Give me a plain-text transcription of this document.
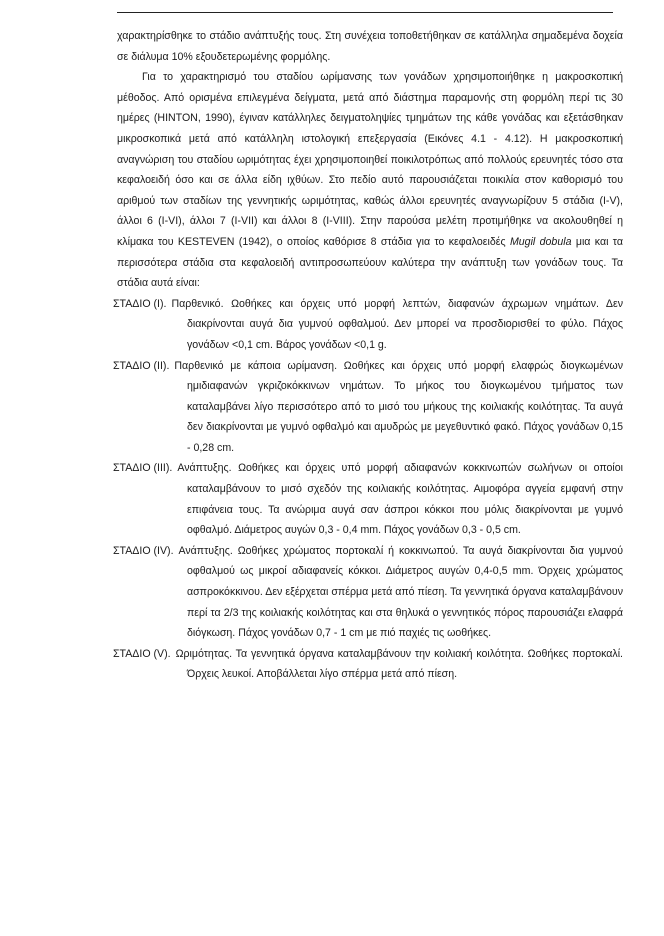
χαρακτηρίσθηκε το στάδιο ανάπτυξής τους. Στη συνέχεια τοποθετήθηκαν σε κατάλληλα σημαδεμένα δοχεία σε διάλυμα 10% εξουδετερωμένης φορμόλης.

Για το χαρακτηρισμό του σταδίου ωρίμανσης των γονάδων χρησιμοποιήθηκε η μακροσκοπική μέθοδος. Από ορισμένα επιλεγμένα δείγματα, μετά από διάστημα παραμονής στη φορμόλη περί τις 30 ημέρες (HINTON, 1990), έγιναν κατάλληλες δειγματοληψίες τμημάτων της κάθε γονάδας και εξετάσθηκαν μικροσκοπικά μετά από κατάλληλη ιστολογική επεξεργασία (Εικόνες 4.1 - 4.12). Η μακροσκοπική αναγνώριση του σταδίου ωριμότητας έχει χρησιμοποιηθεί ποικιλοτρόπως από πολλούς ερευνητές τόσο στα κεφαλοειδή όσο και σε άλλα είδη ιχθύων. Στο πεδίο αυτό παρουσιάζεται ποικιλία στον καθορισμό του αριθμού των σταδίων της γεννητικής ωριμότητας, καθώς άλλοι ερευνητές αναγνωρίζουν 5 στάδια (I-V), άλλοι 6 (I-VI), άλλοι 7 (I-VII) και άλλοι 8 (I-VIII). Στην παρούσα μελέτη προτιμήθηκε να ακολουθηθεί η κλίμακα του KESTEVEN (1942), ο οποίος καθόρισε 8 στάδια για το κεφαλοειδές Mugil dobula μια και τα περισσότερα στάδια στα κεφαλοειδή αντιπροσωπεύουν καλύτερα την ανάπτυξη των γονάδων τους. Τα στάδια αυτά είναι:

ΣΤΑΔΙΟ (I). Παρθενικό. Ωοθήκες και όρχεις υπό μορφή λεπτών, διαφανών άχρωμων νημάτων. Δεν διακρίνονται αυγά δια γυμνού οφθαλμού. Δεν μπορεί να προσδιορισθεί το φύλο. Πάχος γονάδων <0,1 cm. Βάρος γονάδων <0,1 g.

ΣΤΑΔΙΟ (II). Παρθενικό με κάποια ωρίμανση. Ωοθήκες και όρχεις υπό μορφή ελαφρώς διογκωμένων ημιδιαφανών γκριζοκόκκινων νημάτων. Το μήκος του διογκωμένου τμήματος των καταλαμβάνει λίγο περισσότερο από το μισό του μήκους της κοιλιακής κοιλότητας. Τα αυγά δεν διακρίνονται με γυμνό οφθαλμό και αμυδρώς με μεγεθυντικό φακό. Πάχος γονάδων 0,15 - 0,28 cm.

ΣΤΑΔΙΟ (III). Ανάπτυξης. Ωοθήκες και όρχεις υπό μορφή αδιαφανών κοκκινωπών σωλήνων οι οποίοι καταλαμβάνουν το μισό σχεδόν της κοιλιακής κοιλότητας. Αιμοφόρα αγγεία εμφανή στην επιφάνεια τους. Τα ανώριμα αυγά σαν άσπροι κόκκοι που μόλις διακρίνονται με γυμνό οφθαλμό. Διάμετρος αυγών 0,3 - 0,4 mm. Πάχος γονάδων 0,3 - 0,5 cm.

ΣΤΑΔΙΟ (IV). Ανάπτυξης. Ωοθήκες χρώματος πορτοκαλί ή κοκκινωπού. Τα αυγά διακρίνονται δια γυμνού οφθαλμού ως μικροί αδιαφανείς κόκκοι. Διάμετρος αυγών 0,4-0,5 mm. Όρχεις χρώματος ασπροκόκκινου. Δεν εξέρχεται σπέρμα μετά από πίεση. Τα γεννητικά όργανα καταλαμβάνουν περί τα 2/3 της κοιλιακής κοιλότητας και στα θηλυκά ο γεννητικός πόρος παρουσιάζει ελαφρά διόγκωση. Πάχος γονάδων 0,7 - 1 cm με πιό παχιές τις ωοθήκες.

ΣΤΑΔΙΟ (V). Ωριμότητας. Τα γεννητικά όργανα καταλαμβάνουν την κοιλιακή κοιλότητα. Ωοθήκες πορτοκαλί. Όρχεις λευκοί. Αποβάλλεται λίγο σπέρμα μετά από πίεση.
